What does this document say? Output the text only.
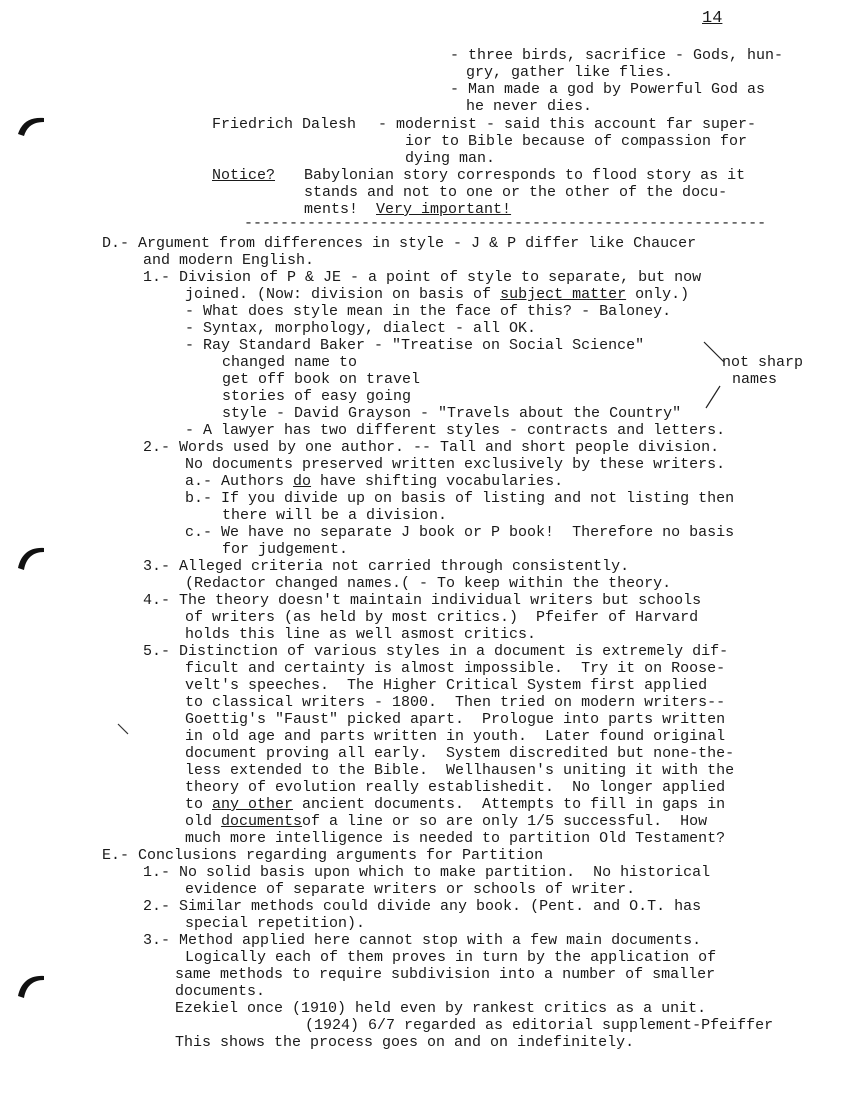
14
- three birds, sacrifice - Gods, hun-
gry, gather like flies.
- Man made a god by Powerful God as
he never dies.
Friedrich Dalesh - modernist - said this account far super-
ior to Bible because of compassion for
dying man.
Notice? Babylonian story corresponds to flood story as it
stands and not to one or the other of the docu-
ments! Very important!
----------------------------------------------------------
D.- Argument from differences in style - J & P differ like Chaucer
and modern English.
1.- Division of P & JE - a point of style to separate, but now
joined. (Now: division on basis of subject matter only.)
- What does style mean in the face of this? - Baloney.
- Syntax, morphology, dialect - all OK.
- Ray Standard Baker - "Treatise on Social Science"
changed name to
get off book on travel
stories of easy going
style - David Grayson - "Travels about the Country"
not sharp
names
- A lawyer has two different styles - contracts and letters.
2.- Words used by one author. -- Tall and short people division.
No documents preserved written exclusively by these writers.
a.- Authors do have shifting vocabularies.
b.- If you divide up on basis of listing and not listing then
there will be a division.
c.- We have no separate J book or P book!  Therefore no basis
for judgement.
3.- Alleged criteria not carried through consistently.
(Redactor changed names.( - To keep within the theory.
4.- The theory doesn't maintain individual writers but schools
of writers (as held by most critics.)  Pfeifer of Harvard
holds this line as well asmost critics.
5.- Distinction of various styles in a document is extremely dif-
ficult and certainty is almost impossible.  Try it on Roose-
velt's speeches.  The Higher Critical System first applied
to classical writers - 1800.  Then tried on modern writers--
Goettig's "Faust" picked apart.  Prologue into parts written
in old age and parts written in youth.  Later found original
document proving all early.  System discredited but none-the-
less extended to the Bible.  Wellhausen's uniting it with the
theory of evolution really establishedit.  No longer applied
to any other ancient documents.  Attempts to fill in gaps in
old documentsof a line or so are only 1/5 successful.  How
much more intelligence is needed to partition Old Testament?
E.- Conclusions regarding arguments for Partition
1.- No solid basis upon which to make partition.  No historical
evidence of separate writers or schools of writer.
2.- Similar methods could divide any book. (Pent. and O.T. has
special repetition).
3.- Method applied here cannot stop with a few main documents.
Logically each of them proves in turn by the application of
same methods to require subdivision into a number of smaller
documents.
Ezekiel once (1910) held even by rankest critics as a unit.
(1924) 6/7 regarded as editorial supplement-Pfeiffer
This shows the process goes on and on indefinitely.
